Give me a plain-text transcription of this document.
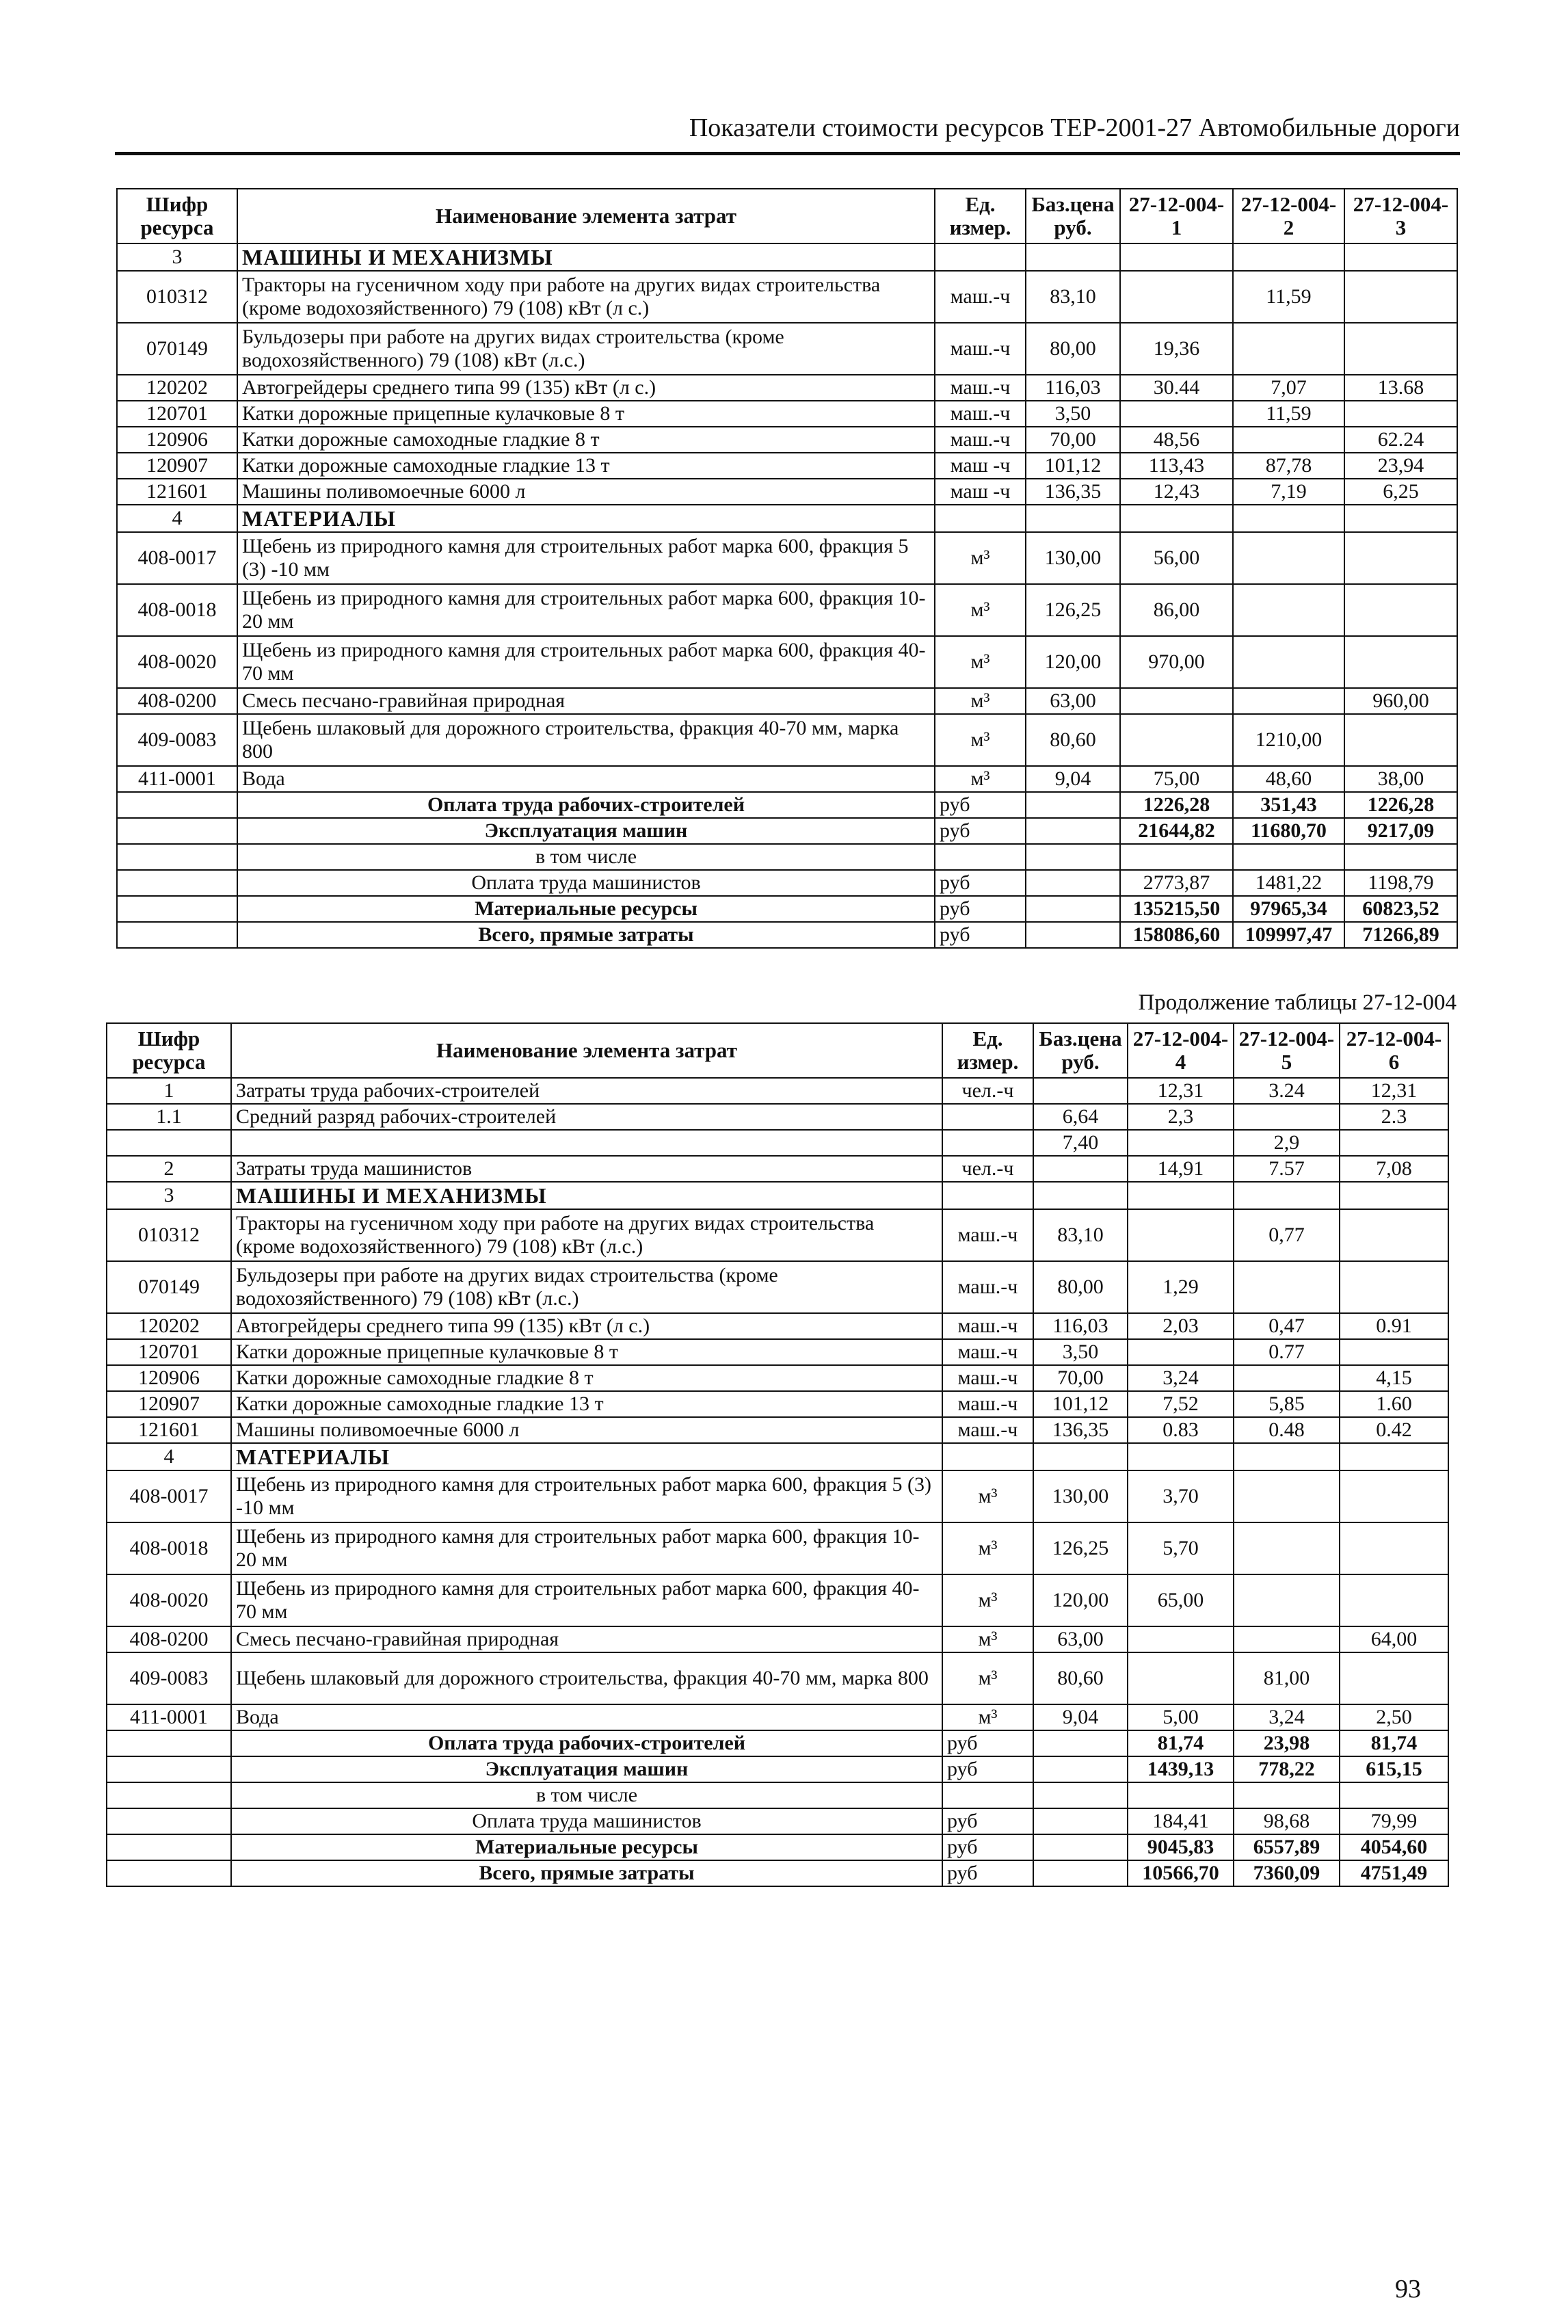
Показатели стоимости ресурсов ТЕР-2001-27 Автомобильные дороги
Шифр ресурса	Наименование элемента затрат	Ед. измер.	Баз.цена руб.	27-12-004-1	27-12-004-2	27-12-004-3
3	МАШИНЫ И МЕХАНИЗМЫ					
010312	Тракторы на гусеничном ходу при работе на других видах строительства (кроме водохозяйственного) 79 (108) кВт (л с.)	маш.-ч	83,10		11,59	
070149	Бульдозеры при работе на других видах строительства (кроме водохозяйственного) 79 (108) кВт (л.с.)	маш.-ч	80,00	19,36		
120202	Автогрейдеры среднего типа 99 (135) кВт (л с.)	маш.-ч	116,03	30.44	7,07	13.68
120701	Катки дорожные прицепные кулачковые 8 т	маш.-ч	3,50		11,59	
120906	Катки дорожные самоходные гладкие 8 т	маш.-ч	70,00	48,56		62.24
120907	Катки дорожные самоходные гладкие 13 т	маш -ч	101,12	113,43	87,78	23,94
121601	Машины поливомоечные 6000 л	маш -ч	136,35	12,43	7,19	6,25
4	МАТЕРИАЛЫ					
408-0017	Щебень из природного камня для строительных работ марка 600, фракция 5 (3) -10 мм	м³	130,00	56,00		
408-0018	Щебень из природного камня для строительных работ марка 600, фракция 10-20 мм	м³	126,25	86,00		
408-0020	Щебень из природного камня для строительных работ марка 600, фракция 40-70 мм	м³	120,00	970,00		
408-0200	Смесь песчано-гравийная природная	м³	63,00			960,00
409-0083	Щебень шлаковый для дорожного строительства, фракция 40-70 мм, марка 800	м³	80,60		1210,00	
411-0001	Вода	м³	9,04	75,00	48,60	38,00
	Оплата труда рабочих-строителей	руб		1226,28	351,43	1226,28
	Эксплуатация машин	руб		21644,82	11680,70	9217,09
	в том числе					
	Оплата труда машинистов	руб		2773,87	1481,22	1198,79
	Материальные ресурсы	руб		135215,50	97965,34	60823,52
	Всего, прямые затраты	руб		158086,60	109997,47	71266,89
Продолжение таблицы 27-12-004
Шифр ресурса	Наименование элемента затрат	Ед. измер.	Баз.цена руб.	27-12-004-4	27-12-004-5	27-12-004-6
1	Затраты труда рабочих-строителей	чел.-ч		12,31	3.24	12,31
1.1	Средний разряд рабочих-строителей		6,64	2,3		2.3
			7,40		2,9	
2	Затраты труда машинистов	чел.-ч		14,91	7.57	7,08
3	МАШИНЫ И МЕХАНИЗМЫ					
010312	Тракторы на гусеничном ходу при работе на других видах строительства (кроме водохозяйственного) 79 (108) кВт (л.с.)	маш.-ч	83,10		0,77	
070149	Бульдозеры при работе на других видах строительства (кроме водохозяйственного) 79 (108) кВт (л.с.)	маш.-ч	80,00	1,29		
120202	Автогрейдеры среднего типа 99 (135) кВт (л с.)	маш.-ч	116,03	2,03	0,47	0.91
120701	Катки дорожные прицепные кулачковые 8 т	маш.-ч	3,50		0.77	
120906	Катки дорожные самоходные гладкие 8 т	маш.-ч	70,00	3,24		4,15
120907	Катки дорожные самоходные гладкие 13 т	маш.-ч	101,12	7,52	5,85	1.60
121601	Машины поливомоечные 6000 л	маш.-ч	136,35	0.83	0.48	0.42
4	МАТЕРИАЛЫ					
408-0017	Щебень из природного камня для строительных работ марка 600, фракция 5 (3) -10 мм	м³	130,00	3,70		
408-0018	Щебень из природного камня для строительных работ марка 600, фракция 10-20 мм	м³	126,25	5,70		
408-0020	Щебень из природного камня для строительных работ марка 600, фракция 40-70 мм	м³	120,00	65,00		
408-0200	Смесь песчано-гравийная природная	м³	63,00			64,00
409-0083	Щебень шлаковый для дорожного строительства, фракция 40-70 мм, марка 800	м³	80,60		81,00	
411-0001	Вода	м³	9,04	5,00	3,24	2,50
	Оплата труда рабочих-строителей	руб		81,74	23,98	81,74
	Эксплуатация машин	руб		1439,13	778,22	615,15
	в том числе					
	Оплата труда машинистов	руб		184,41	98,68	79,99
	Материальные ресурсы	руб		9045,83	6557,89	4054,60
	Всего, прямые затраты	руб		10566,70	7360,09	4751,49
93
